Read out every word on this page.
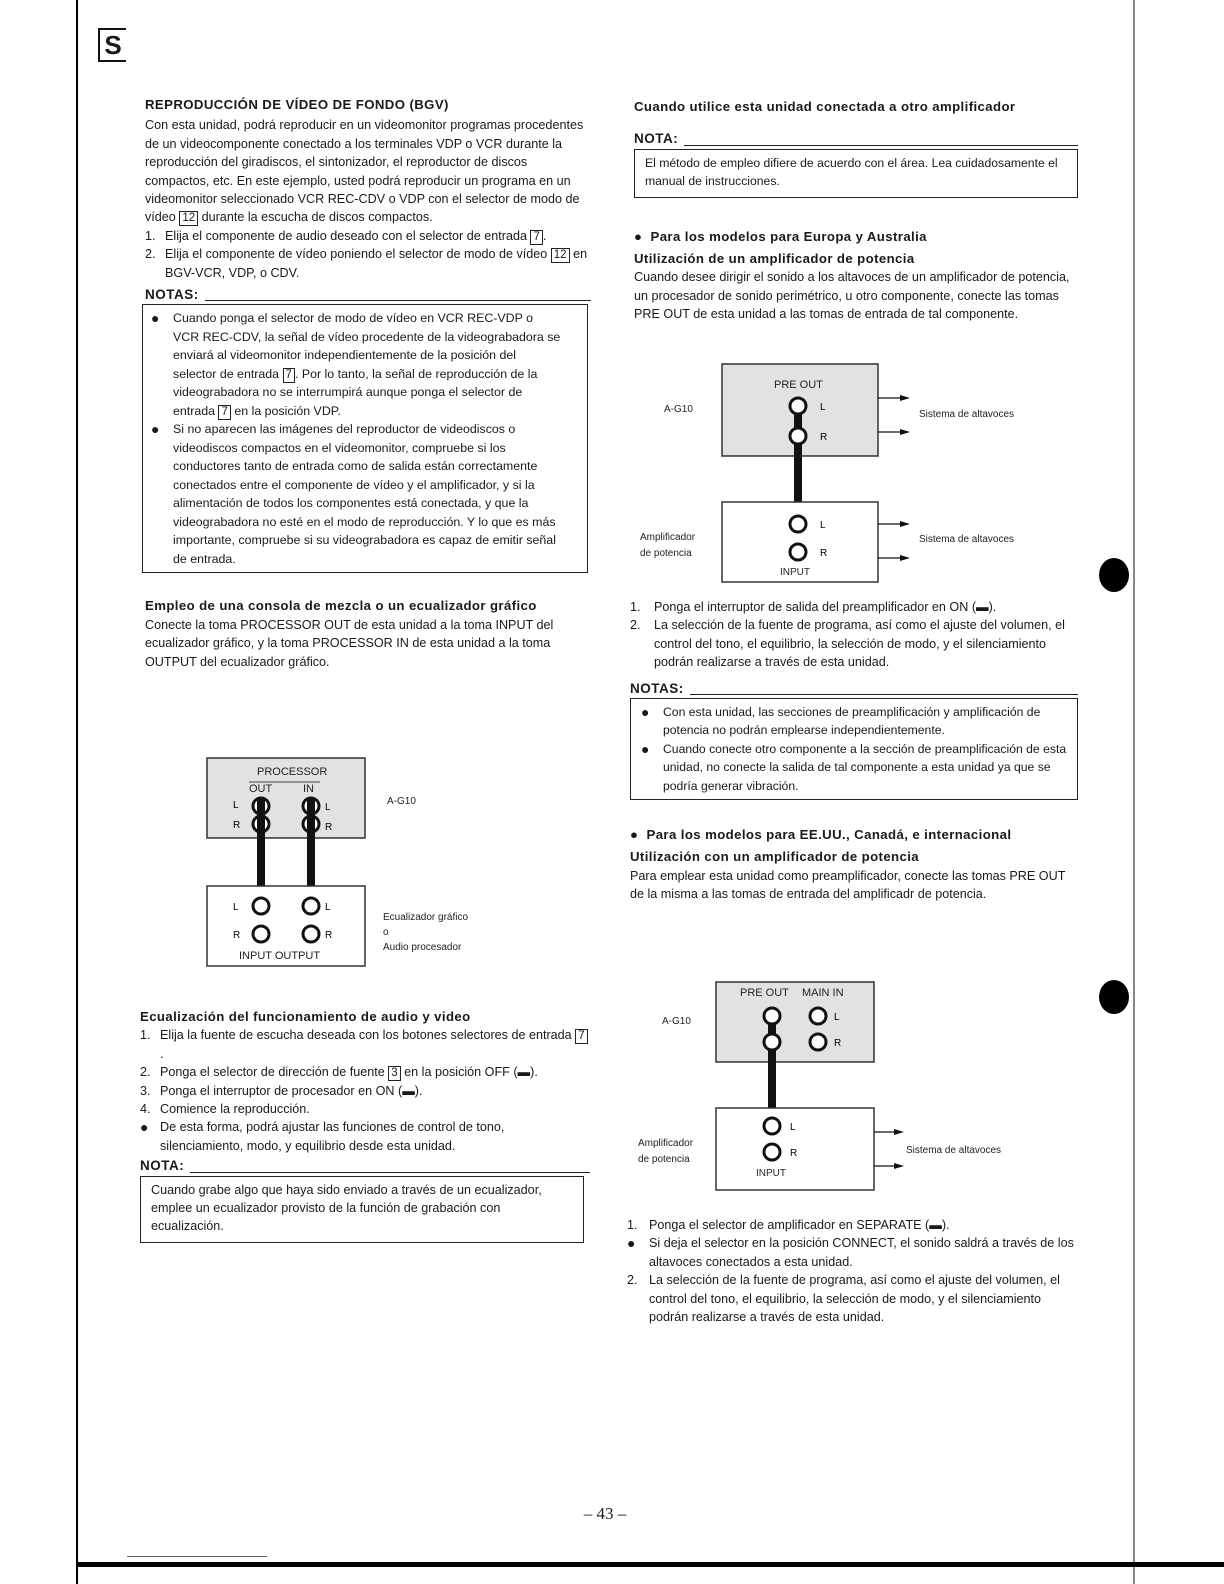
S
REPRODUCCIÓN DE VÍDEO DE FONDO (BGV)

Con esta unidad, podrá reproducir en un videomonitor programas procedentes de un videocomponente conectado a los terminales VDP o VCR durante la reproducción del giradiscos, el sintonizador, el reproductor de discos compactos, etc. En este ejemplo, usted podrá reproducir un programa en un videomonitor seleccionado VCR REC-CDV o VDP con el selector de modo de vídeo 12 durante la escucha de discos compactos.

1. Elija el componente de audio deseado con el selector de entrada 7 .
2. Elija el componente de vídeo poniendo el selector de modo de vídeo 12 en BGV-VCR, VDP, o CDV.
NOTAS:
●	Cuando ponga el selector de modo de vídeo en VCR REC-VDP o VCR REC-CDV, la señal de vídeo procedente de la videograbadora se enviará al videomonitor independientemente de la posición del selector de entrada 7 . Por lo tanto, la señal de reproducción de la videograbadora no se interrumpirá aunque ponga el selector de entrada 7 en la posición VDP.
●	Si no aparecen las imágenes del reproductor de videodiscos o videodiscos compactos en el videomonitor, compruebe si los conductores tanto de entrada como de salida están correctamente conectados entre el componente de vídeo y el amplificador, y si la alimentación de todos los componentes está conectada, y que la videograbadora no esté en el modo de reproducción. Y lo que es más importante, compruebe si su videograbadora es capaz de emitir señal de entrada.
Empleo de una consola de mezcla o un ecualizador gráfico

Conecte la toma PROCESSOR OUT de esta unidad a la toma INPUT del ecualizador gráfico, y la toma PROCESSOR IN de esta unidad a la toma OUTPUT del ecualizador gráfico.

PROCESSOR
OUT	IN
A-G10
L
R
L
R
L
R
L
R
INPUT OUTPUT
Ecualizador gráfico
o
Audio procesador
Ecualización del funcionamiento de audio y video
1. Elija la fuente de escucha deseada con los botones selectores de entrada 7.
2. Ponga el selector de dirección de fuente 3 en la posición OFF (▬).
3. Ponga el interruptor de procesador en ON (▬).
4. Comience la reproducción.
● De esta forma, podrá ajustar las funciones de control de tono, silenciamiento, modo, y equilibrio desde esta unidad.
NOTA:
Cuando grabe algo que haya sido enviado a través de un ecualizador, emplee un ecualizador provisto de la función de grabación con ecualización.
Cuando utilice esta unidad conectada a otro amplificador
NOTA:
El método de empleo difiere de acuerdo con el área. Lea cuidadosamente el manual de instrucciones.
●  Para los modelos para Europa y Australia
Utilización de un amplificador de potencia

Cuando desee dirigir el sonido a los altavoces de un amplificador de potencia, un procesador de sonido perimétrico, u otro componente, conecte las tomas PRE OUT de esta unidad a las tomas de entrada de tal componente.

PRE OUT
A-G10	L
R
Sistema de altavoces
L
R
INPUT
Amplificador
de potencia
Sistema de altavoces
1.	Ponga el interruptor de salida del preamplificador en ON (▬).
2.	La selección de la fuente de programa, así como el ajuste del volumen, el control del tono, el equilibrio, la selección de modo, y el silenciamiento podrán realizarse a través de esta unidad.
NOTAS:
●	Con esta unidad, las secciones de preamplificación y amplificación de potencia no podrán emplearse independientemente.
●	Cuando conecte otro componente a la sección de preamplificación de esta unidad, no conecte la salida de tal componente a esta unidad ya que se podría generar vibración.
●  Para los modelos para EE.UU., Canadá, e internacional
Utilización con un amplificador de potencia

Para emplear esta unidad como preamplificador, conecte las tomas PRE OUT de la misma a las tomas de entrada del amplificadr de potencia.

PRE OUT MAIN IN
A-G10	L
R
L
R
INPUT
Amplificador
de potencia
Sistema de altavoces
1. Ponga el selector de amplificador en SEPARATE (▬).
●	Si deja el selector en la posición CONNECT, el sonido saldrá a través de los altavoces conectados a esta unidad.
2. La selección de la fuente de programa, así como el ajuste del volumen, el control del tono, el equilibrio, la selección de modo, y el silenciamiento podrán realizarse a través de esta unidad.
– 43 –
